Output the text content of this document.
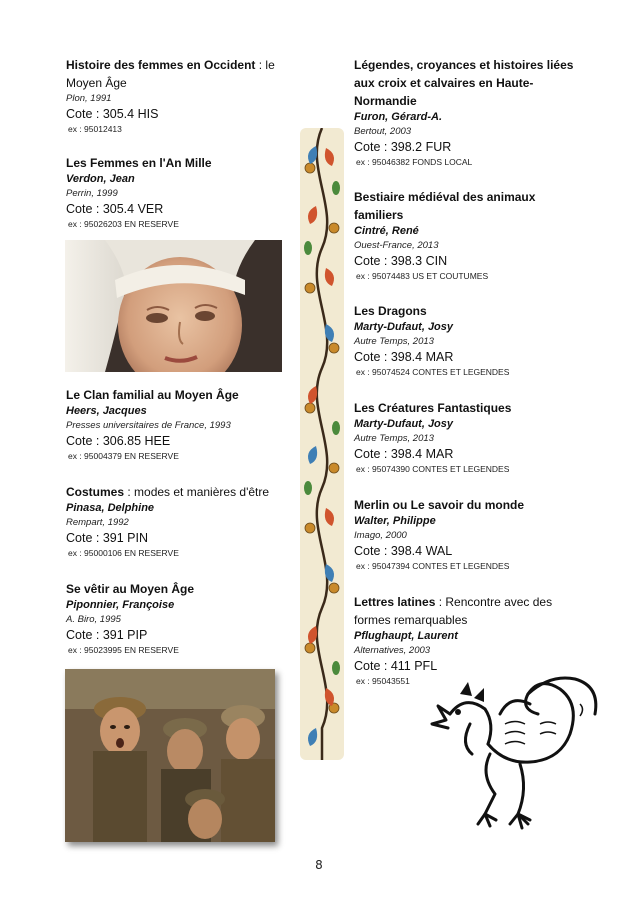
Histoire des femmes en Occident : le Moyen Âge

Plon, 1991

Cote : 305.4 HIS

ex : 95012413

Les Femmes en l'An Mille

Verdon, Jean

Perrin, 1999

Cote : 305.4 VER

ex : 95026203 EN RESERVE

Le Clan familial au Moyen Âge

Heers, Jacques

Presses universitaires de France, 1993

Cote : 306.85 HEE

ex : 95004379 EN RESERVE

Costumes : modes et manières d'être

Pinasa, Delphine

Rempart, 1992

Cote : 391 PIN

ex : 95000106 EN RESERVE

Se vêtir au Moyen Âge

Piponnier, Françoise

A. Biro, 1995

Cote : 391 PIP

ex : 95023995 EN RESERVE

Légendes, croyances et histoires liées aux croix et calvaires en Haute-Normandie

Furon, Gérard-A.

Bertout, 2003

Cote : 398.2 FUR

ex : 95046382 FONDS LOCAL

Bestiaire médiéval des animaux familiers

Cintré, René

Ouest-France, 2013

Cote : 398.3 CIN

ex : 95074483 US ET COUTUMES

Les Dragons

Marty-Dufaut, Josy

Autre Temps, 2013

Cote : 398.4 MAR

ex : 95074524 CONTES ET LEGENDES

Les Créatures Fantastiques

Marty-Dufaut, Josy

Autre Temps, 2013

Cote : 398.4 MAR

ex : 95074390 CONTES ET LEGENDES

Merlin ou Le savoir du monde

Walter, Philippe

Imago, 2000

Cote : 398.4 WAL

ex : 95047394 CONTES ET LEGENDES

Lettres latines : Rencontre avec des formes remarquables

Pflughaupt, Laurent

Alternatives, 2003

Cote : 411 PFL

ex : 95043551

8
